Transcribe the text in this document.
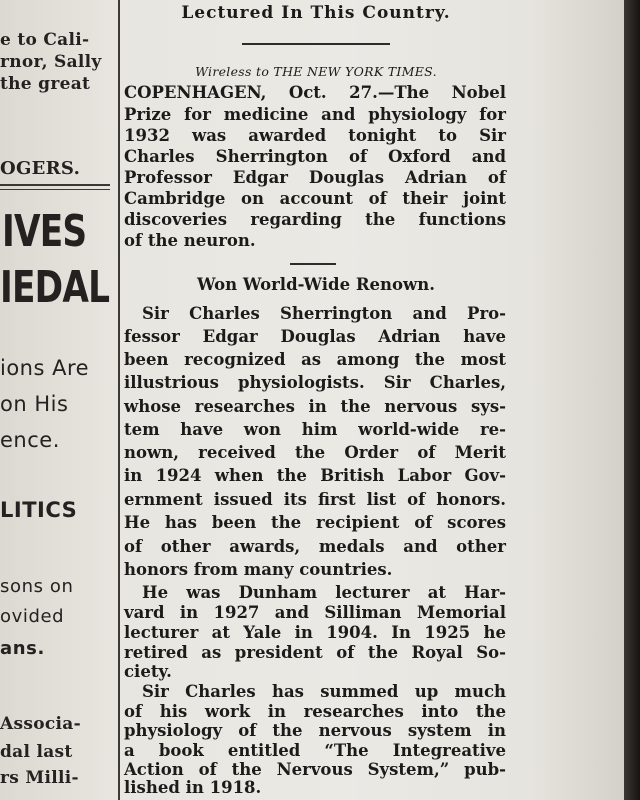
e to Cali-
rnor, Sally
the great
OGERS.
IVES
IEDAL
ions Are
on His
ence.
LITICS
sons on
ovided
ans.
Associa-
dal last
rs Milli-
Lectured In This Country.
Wireless to THE NEW YORK TIMES.
COPENHAGEN, Oct. 27.—The Nobel
Prize for medicine and physiology for
1932 was awarded tonight to Sir
Charles Sherrington of Oxford and
Professor Edgar Douglas Adrian of
Cambridge on account of their joint
discoveries regarding the functions
of the neuron.
Won World-Wide Renown.
Sir Charles Sherrington and Pro-
fessor Edgar Douglas Adrian have
been recognized as among the most
illustrious physiologists. Sir Charles,
whose researches in the nervous sys-
tem have won him world-wide re-
nown, received the Order of Merit
in 1924 when the British Labor Gov-
ernment issued its first list of honors.
He has been the recipient of scores
of other awards, medals and other
honors from many countries.
He was Dunham lecturer at Har-
vard in 1927 and Silliman Memorial
lecturer at Yale in 1904. In 1925 he
retired as president of the Royal So-
ciety.
Sir Charles has summed up much
of his work in researches into the
physiology of the nervous system in
a book entitled “The Integreative
Action of the Nervous System,” pub-
lished in 1918.
